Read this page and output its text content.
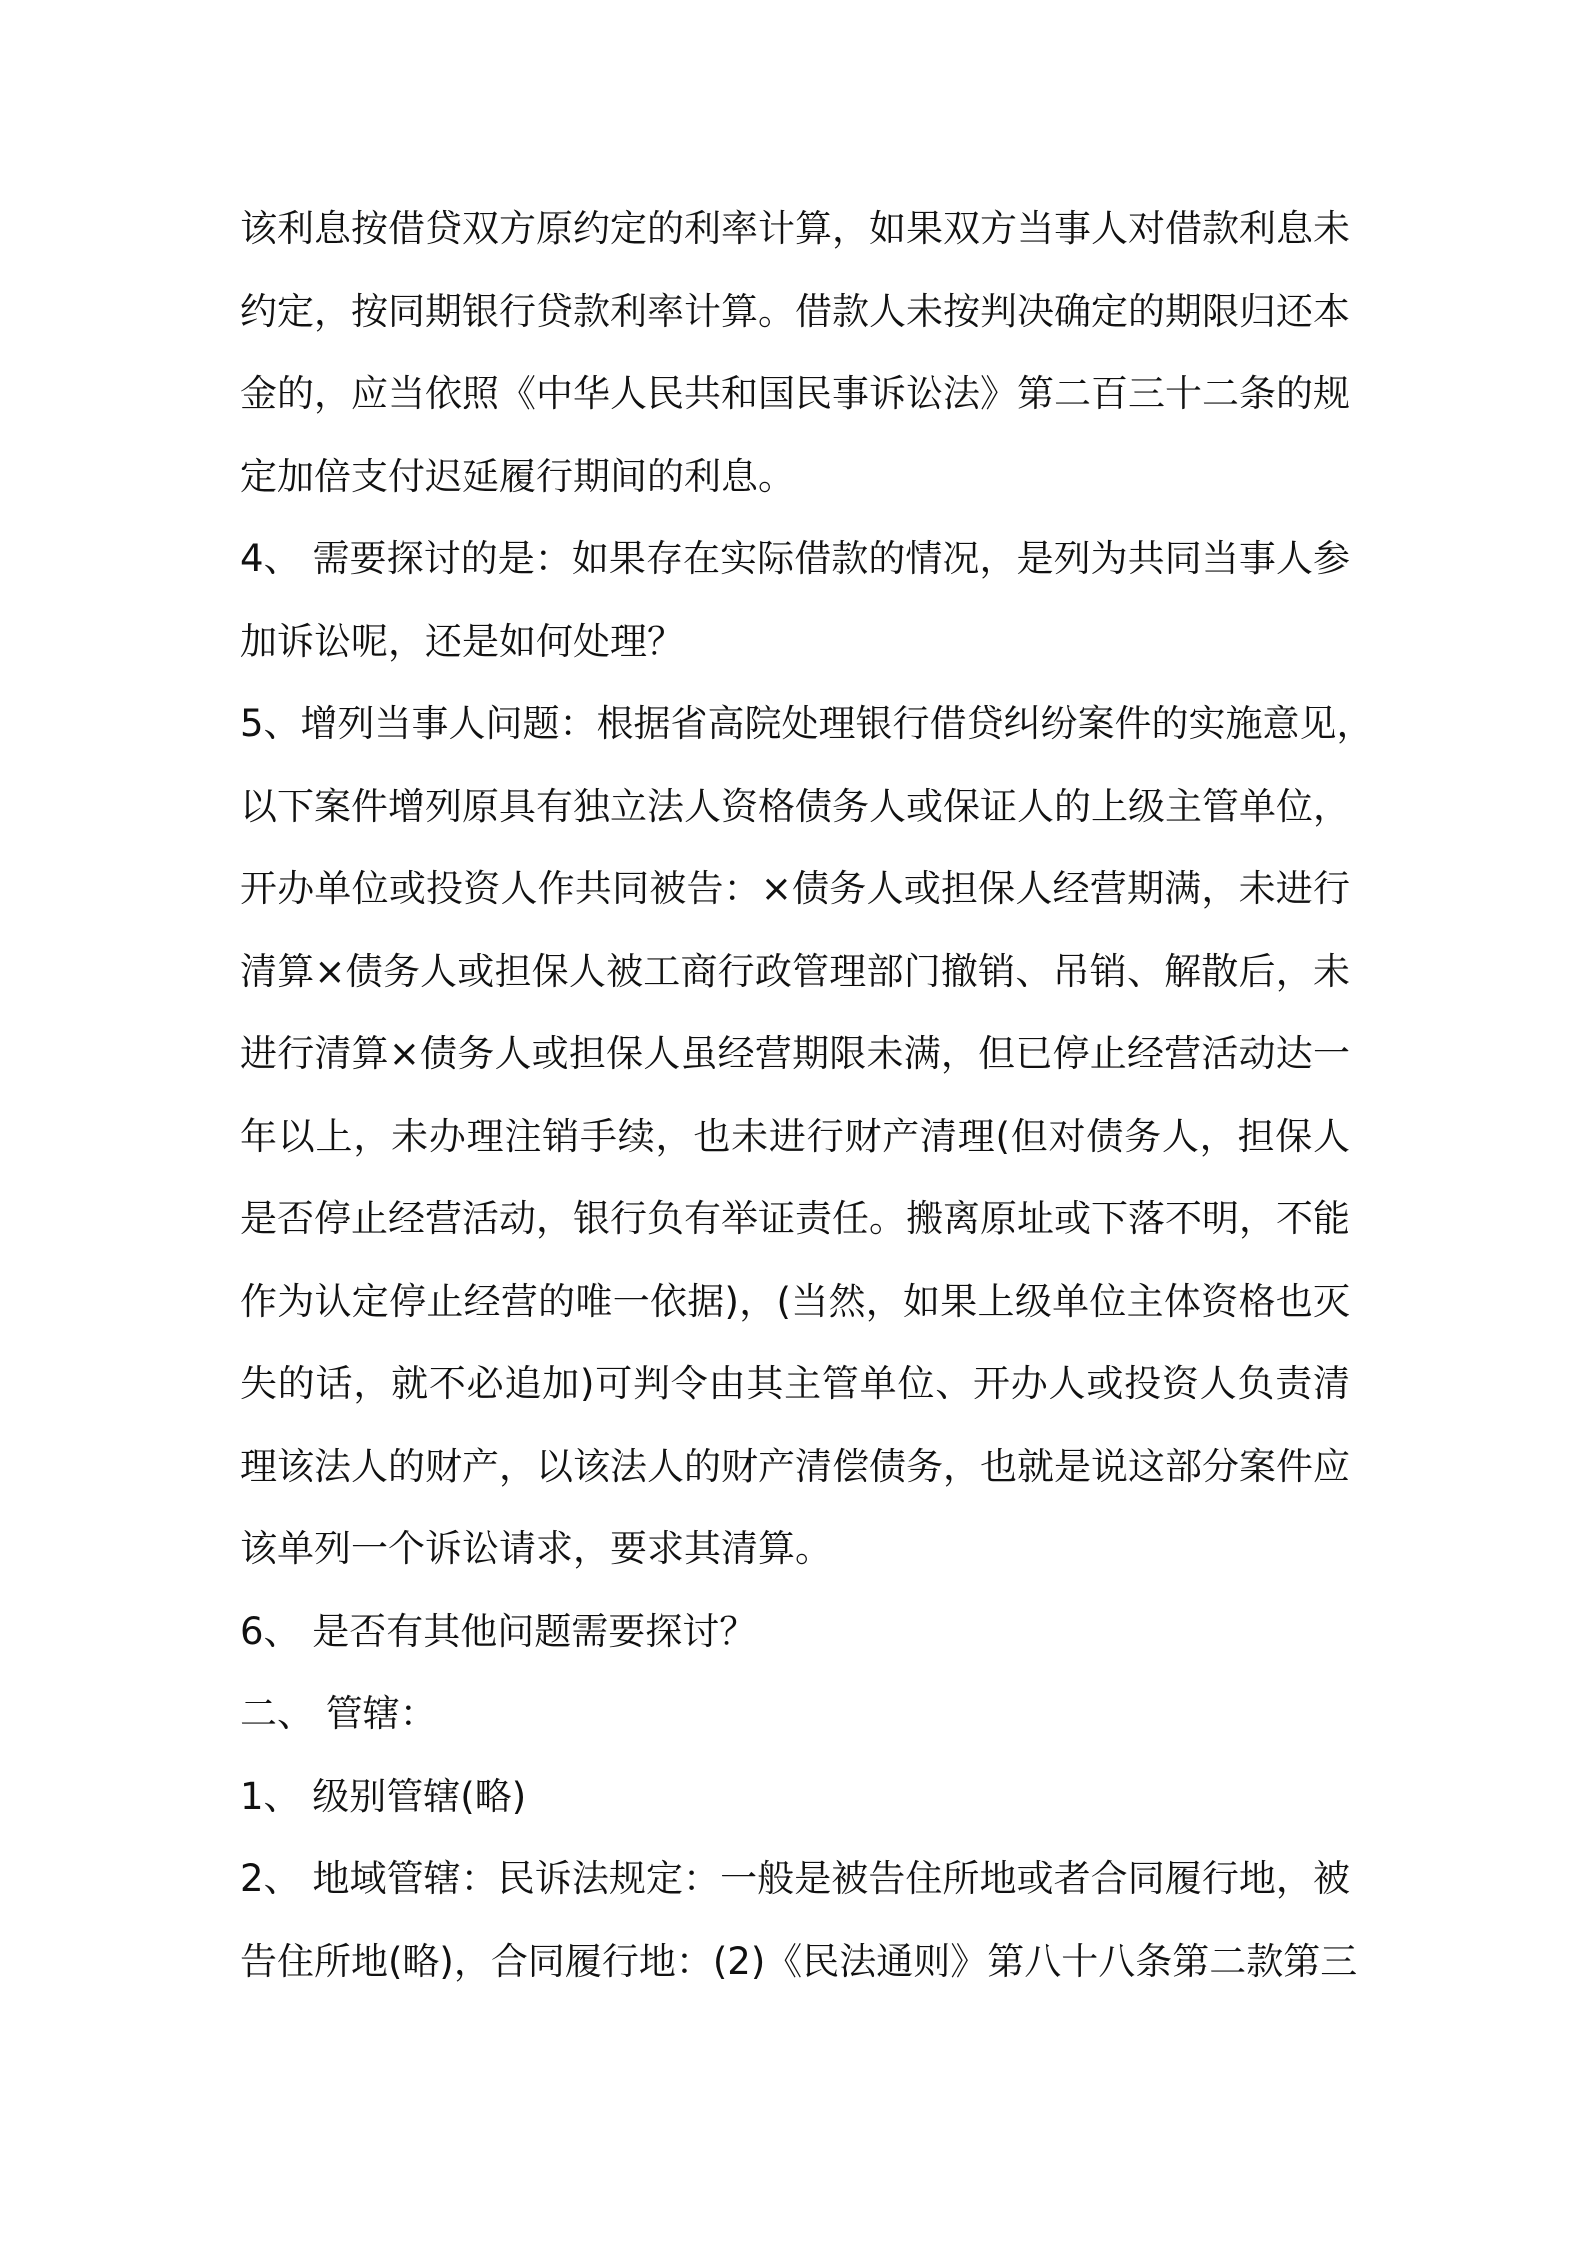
该利息按借贷双方原约定的利率计算，如果双方当事人对借款利息未
约定，按同期银行贷款利率计算。借款人未按判决确定的期限归还本
金的，应当依照《中华人民共和国民事诉讼法》第二百三十二条的规
定加倍支付迟延履行期间的利息。
4、 需要探讨的是：如果存在实际借款的情况，是列为共同当事人参
加诉讼呢，还是如何处理？
5、增列当事人问题：根据省高院处理银行借贷纠纷案件的实施意见，
以下案件增列原具有独立法人资格债务人或保证人的上级主管单位，
开办单位或投资人作共同被告：×债务人或担保人经营期满，未进行
清算×债务人或担保人被工商行政管理部门撤销、吊销、解散后，未
进行清算×债务人或担保人虽经营期限未满，但已停止经营活动达一
年以上，未办理注销手续，也未进行财产清理(但对债务人，担保人
是否停止经营活动，银行负有举证责任。搬离原址或下落不明，不能
作为认定停止经营的唯一依据)，(当然，如果上级单位主体资格也灭
失的话，就不必追加)可判令由其主管单位、开办人或投资人负责清
理该法人的财产，以该法人的财产清偿债务，也就是说这部分案件应
该单列一个诉讼请求，要求其清算。
6、 是否有其他问题需要探讨？
二、 管辖：
1、 级别管辖(略)
2、 地域管辖：民诉法规定：一般是被告住所地或者合同履行地，被
告住所地(略)，合同履行地：(2)《民法通则》第八十八条第二款第三
